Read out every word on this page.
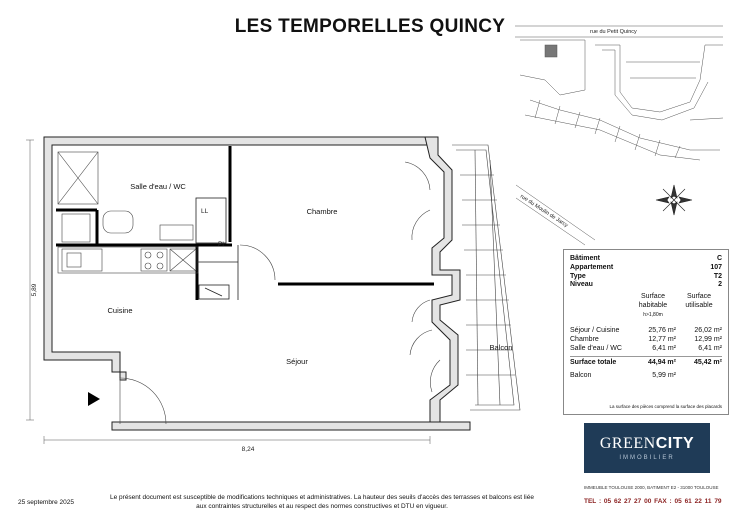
LES TEMPORELLES QUINCY
Salle d'eau / WC
Chambre
Cuisine
Séjour
Balcon
LL
Pl
8,24
5,89
rue du Petit Quincy
rue du Moulin de Jarcy
Bâtiment	C
Appartement	107
Type	T2
Niveau	2
Surface habitable
h>1,80m
Surface utilisable
Séjour / Cuisine	25,76 m²	26,02 m²
Chambre	12,77 m²	12,99 m²
Salle d'eau / WC	6,41 m²	6,41 m²
Surface totale	44,94 m²	45,42 m²
Balcon	5,99 m²
La surface des pièces comprend la surface des placards
GREENCITY
IMMOBILIER
IMMEUBLE TOULOUSE 2000, BATIMENT E2 - 31000 TOULOUSE
TEL : 05 62 27 27 00 FAX : 05 61 22 11 79
25 septembre 2025
Le présent document est susceptible de modifications techniques et administratives. La hauteur des seuils d'accès des terrasses et balcons est liée aux contraintes structurelles et au respect des normes constructives et DTU en vigueur.
